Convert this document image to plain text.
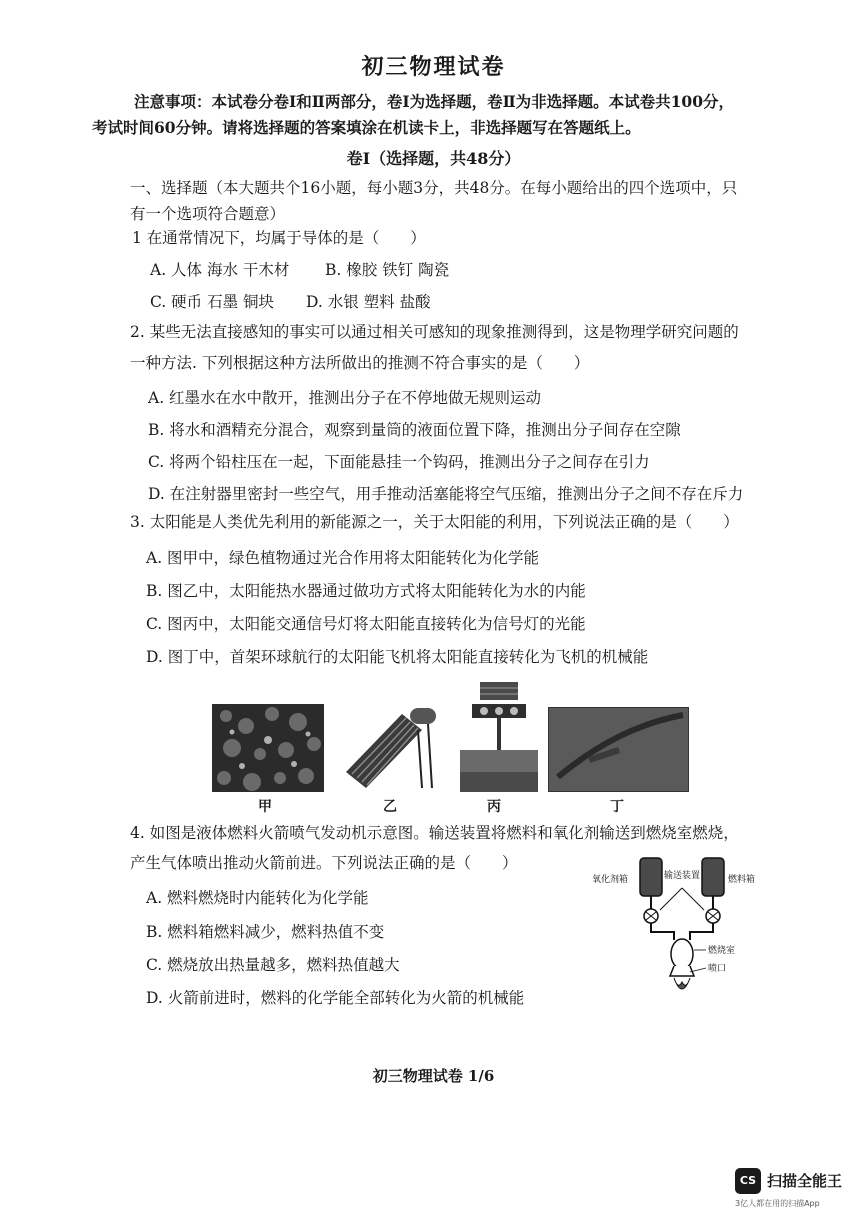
初三物理试卷
注意事项：本试卷分卷Ⅰ和Ⅱ两部分，卷Ⅰ为选择题，卷Ⅱ为非选择题。本试卷共100分，
考试时间60分钟。请将选择题的答案填涂在机读卡上，非选择题写在答题纸上。
卷Ⅰ（选择题，共48分）
一、选择题（本大题共个16小题，每小题3分，共48分。在每小题给出的四个选项中，只
有一个选项符合题意）
1 在通常情况下，均属于导体的是（　　）
A. 人体 海水 干木材 B. 橡胶 铁钉 陶瓷
C. 硬币 石墨 铜块 D. 水银 塑料 盐酸
2. 某些无法直接感知的事实可以通过相关可感知的现象推测得到，这是物理学研究问题的
一种方法. 下列根据这种方法所做出的推测不符合事实的是（　　）
A. 红墨水在水中散开，推测出分子在不停地做无规则运动
B. 将水和酒精充分混合，观察到量筒的液面位置下降，推测出分子间存在空隙
C. 将两个铅柱压在一起，下面能悬挂一个钩码，推测出分子之间存在引力
D. 在注射器里密封一些空气，用手推动活塞能将空气压缩，推测出分子之间不存在斥力
3. 太阳能是人类优先利用的新能源之一，关于太阳能的利用，下列说法正确的是（　　）
A. 图甲中，绿色植物通过光合作用将太阳能转化为化学能
B. 图乙中，太阳能热水器通过做功方式将太阳能转化为水的内能
C. 图丙中，太阳能交通信号灯将太阳能直接转化为信号灯的光能
D. 图丁中，首架环球航行的太阳能飞机将太阳能直接转化为飞机的机械能
甲	乙	丙	丁
4. 如图是液体燃料火箭喷气发动机示意图。输送装置将燃料和氧化剂输送到燃烧室燃烧，
产生气体喷出推动火箭前进。下列说法正确的是（　　）
A. 燃料燃烧时内能转化为化学能
B. 燃料箱燃料减少，燃料热值不变
C. 燃烧放出热量越多，燃料热值越大
D. 火箭前进时，燃料的化学能全部转化为火箭的机械能
氧化剂箱	输送装置	燃料箱
燃烧室
喷口
初三物理试卷 1/6
CS 扫描全能王
3亿人都在用的扫描App
